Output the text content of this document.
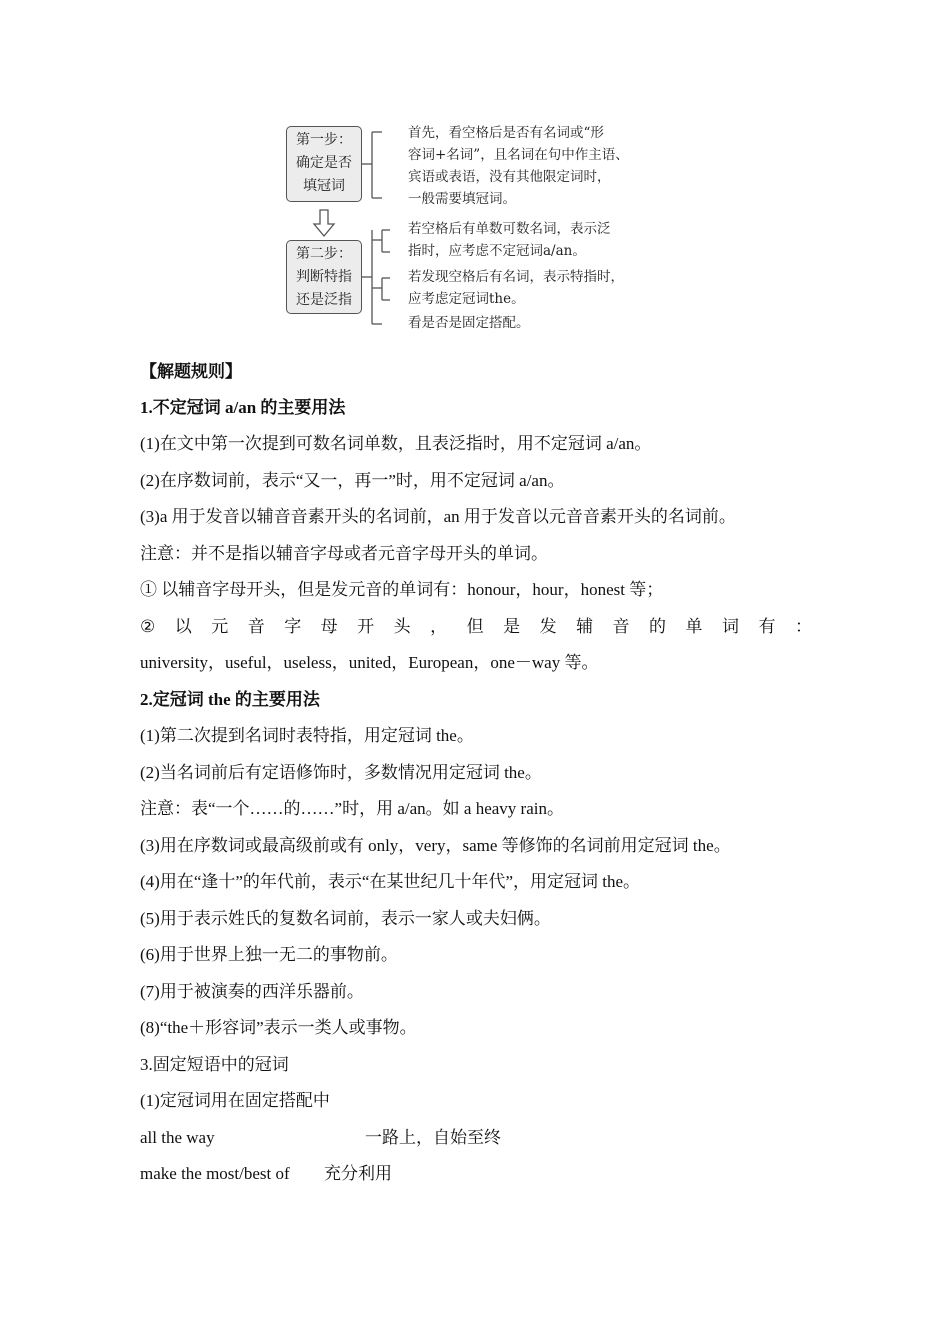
第一步：
确定是否
填冠词
第二步：
判断特指
还是泛指
首先，看空格后是否有名词或“形
容词+名词”，且名词在句中作主语、
宾语或表语，没有其他限定词时，
一般需要填冠词。
若空格后有单数可数名词，表示泛
指时，应考虑不定冠词a/an。
若发现空格后有名词，表示特指时，
应考虑定冠词the。
看是否是固定搭配。
【解题规则】
1.不定冠词 a/an 的主要用法
(1)在文中第一次提到可数名词单数，且表泛指时，用不定冠词 a/an。
(2)在序数词前，表示“又一，再一”时，用不定冠词 a/an。
(3)a 用于发音以辅音音素开头的名词前，an 用于发音以元音音素开头的名词前。
注意：并不是指以辅音字母或者元音字母开头的单词。
① 以辅音字母开头，但是发元音的单词有：honour，hour，honest 等；
② 以 元 音 字 母 开 头 ， 但 是 发 辅 音 的 单 词 有 ：
university，useful，useless，united，European，one－way 等。
2.定冠词 the 的主要用法
(1)第二次提到名词时表特指，用定冠词 the。
(2)当名词前后有定语修饰时，多数情况用定冠词 the。
注意：表“一个……的……”时，用 a/an。如 a heavy rain。
(3)用在序数词或最高级前或有 only，very，same 等修饰的名词前用定冠词 the。
(4)用在“逢十”的年代前，表示“在某世纪几十年代”，用定冠词 the。
(5)用于表示姓氏的复数名词前，表示一家人或夫妇俩。
(6)用于世界上独一无二的事物前。
(7)用于被演奏的西洋乐器前。
(8)“the＋形容词”表示一类人或事物。
3.固定短语中的冠词
(1)定冠词用在固定搭配中
all the way	一路上，自始至终
make the most/best of 充分利用
